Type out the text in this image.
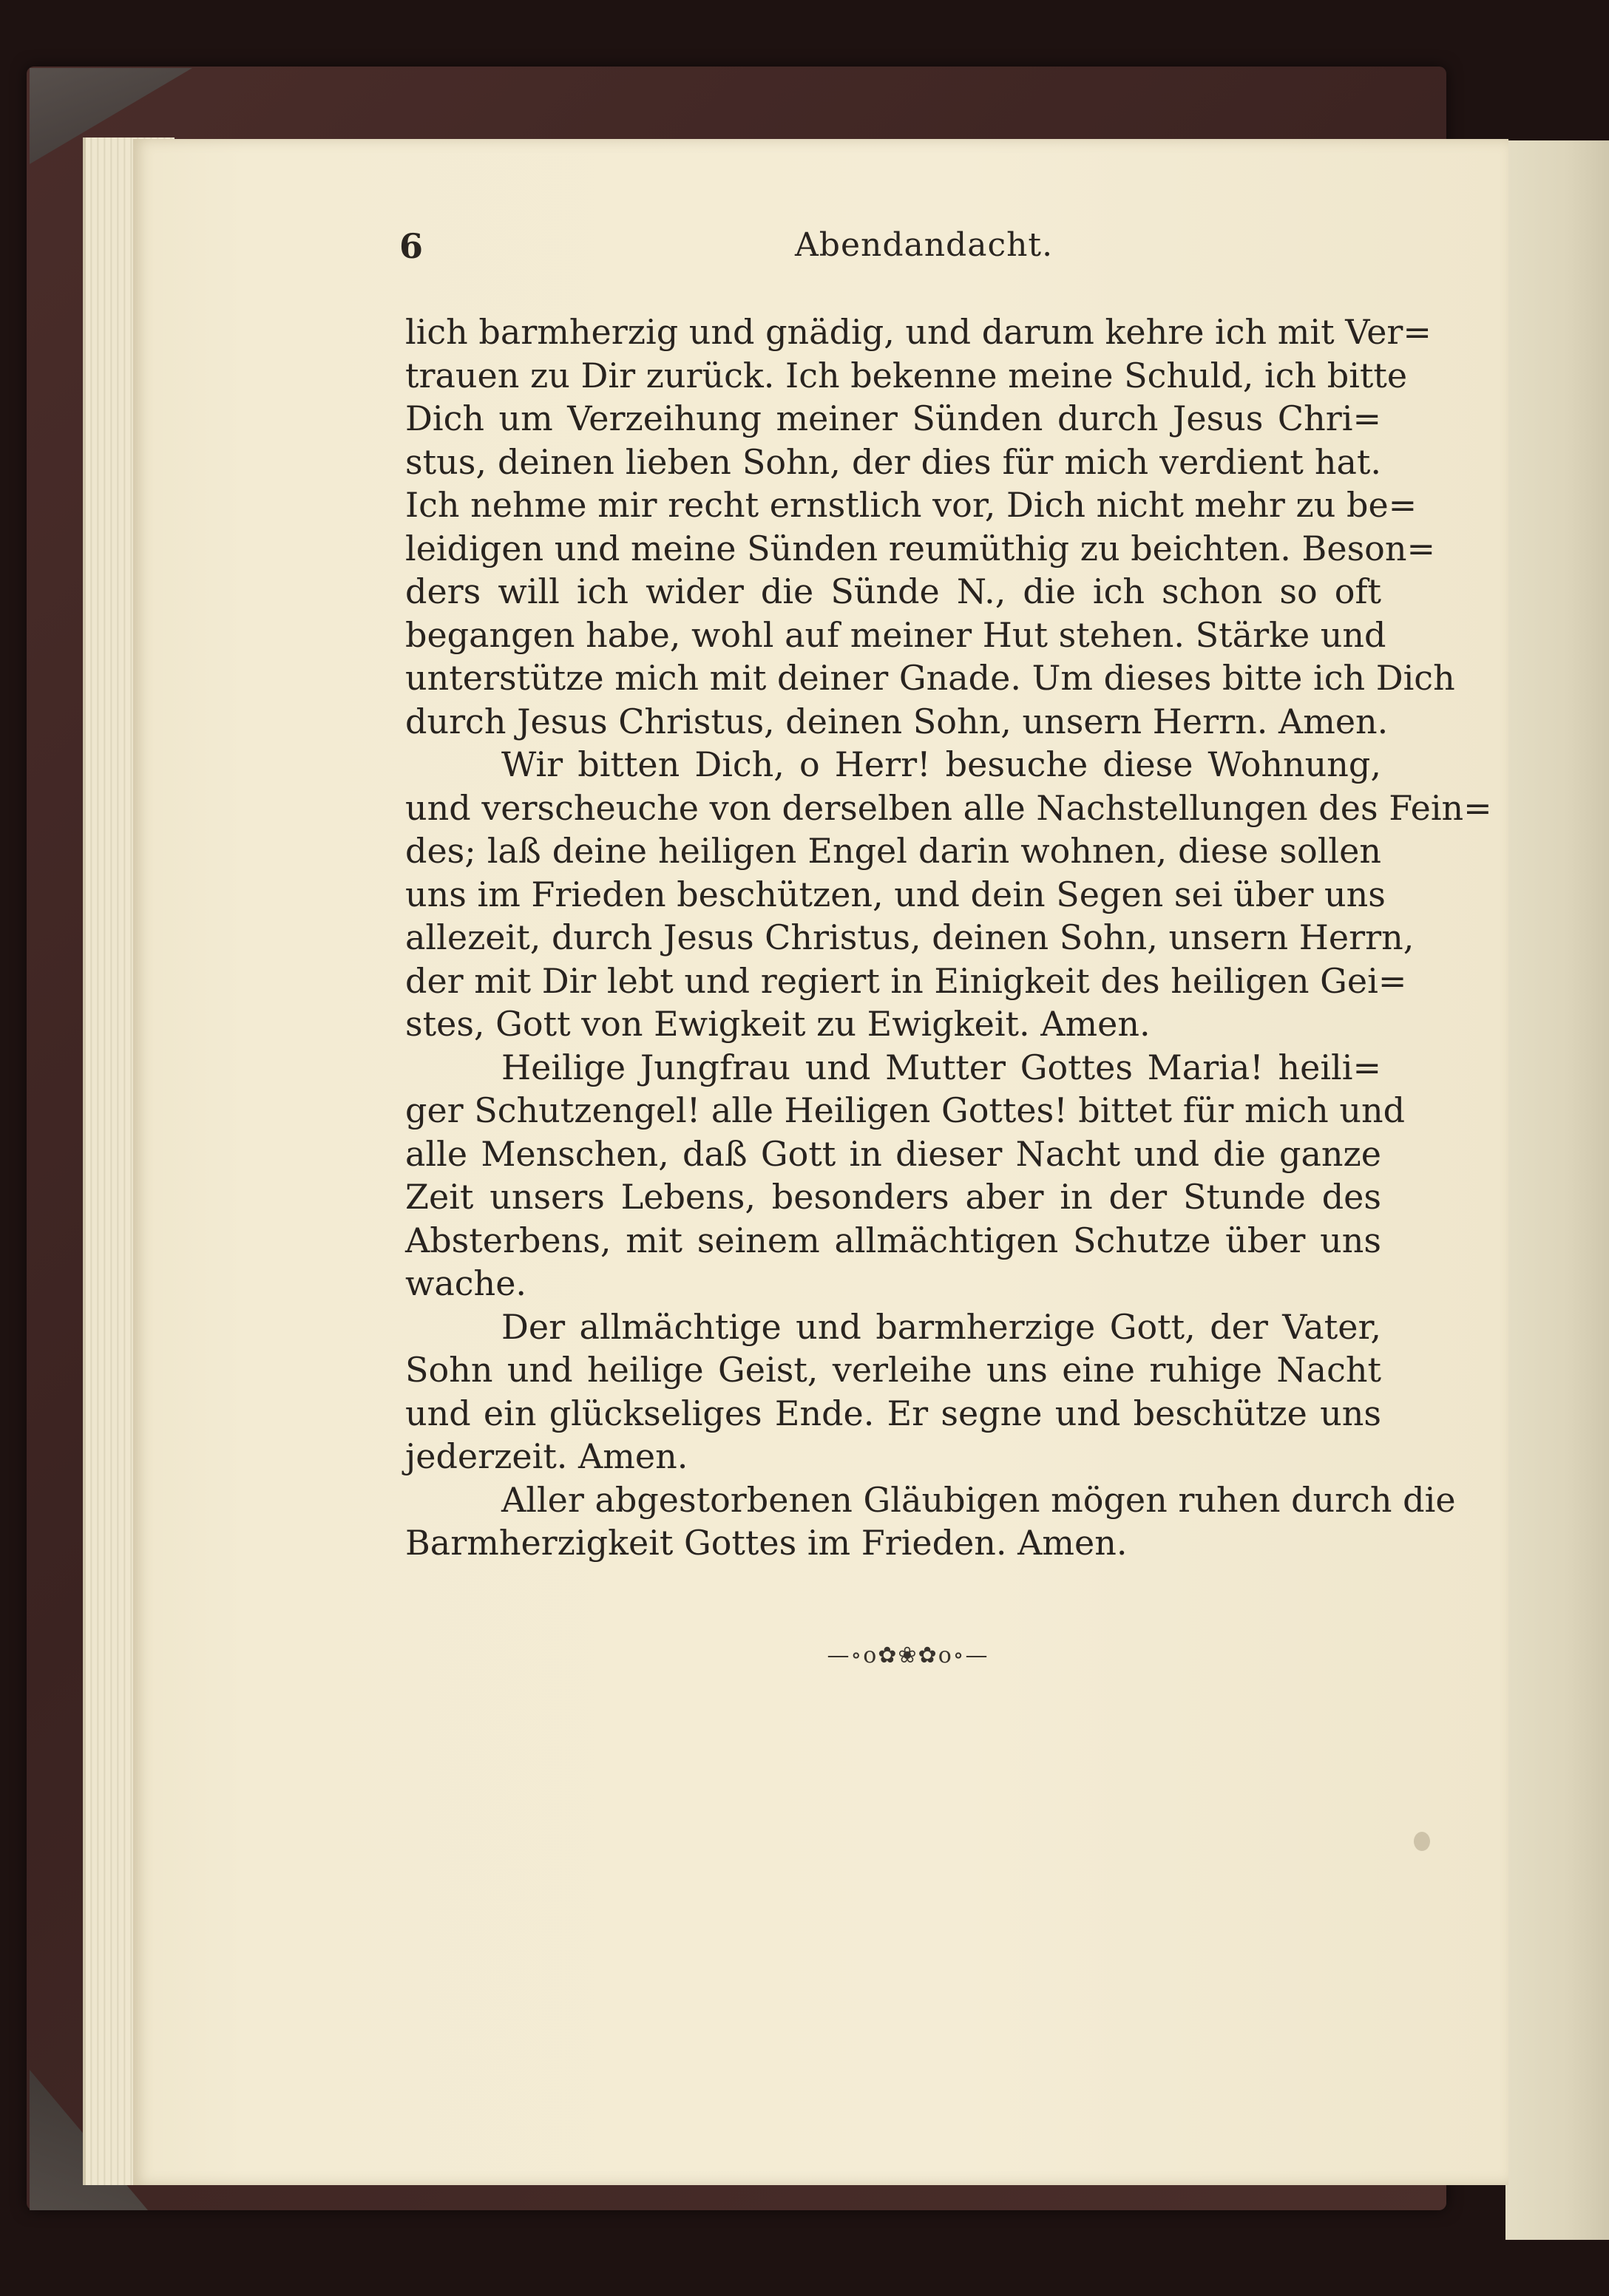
6	Abendandacht.
lich barmherzig und gnädig, und darum kehre ich mit Ver=
trauen zu Dir zurück. Ich bekenne meine Schuld, ich bitte
Dich um Verzeihung meiner Sünden durch Jesus Chri=
stus, deinen lieben Sohn, der dies für mich verdient hat.
Ich nehme mir recht ernstlich vor, Dich nicht mehr zu be=
leidigen und meine Sünden reumüthig zu beichten. Beson=
ders will ich wider die Sünde N., die ich schon so oft
begangen habe, wohl auf meiner Hut stehen. Stärke und
unterstütze mich mit deiner Gnade. Um dieses bitte ich Dich
durch Jesus Christus, deinen Sohn, unsern Herrn. Amen.
Wir bitten Dich, o Herr! besuche diese Wohnung,
und verscheuche von derselben alle Nachstellungen des Fein=
des; laß deine heiligen Engel darin wohnen, diese sollen
uns im Frieden beschützen, und dein Segen sei über uns
allezeit, durch Jesus Christus, deinen Sohn, unsern Herrn,
der mit Dir lebt und regiert in Einigkeit des heiligen Gei=
stes, Gott von Ewigkeit zu Ewigkeit. Amen.
Heilige Jungfrau und Mutter Gottes Maria! heili=
ger Schutzengel! alle Heiligen Gottes! bittet für mich und
alle Menschen, daß Gott in dieser Nacht und die ganze
Zeit unsers Lebens, besonders aber in der Stunde des
Absterbens, mit seinem allmächtigen Schutze über uns
wache.
Der allmächtige und barmherzige Gott, der Vater,
Sohn und heilige Geist, verleihe uns eine ruhige Nacht
und ein glückseliges Ende. Er segne und beschütze uns
jederzeit. Amen.
Aller abgestorbenen Gläubigen mögen ruhen durch die
Barmherzigkeit Gottes im Frieden. Amen.
—∘o✿❀✿o∘—
